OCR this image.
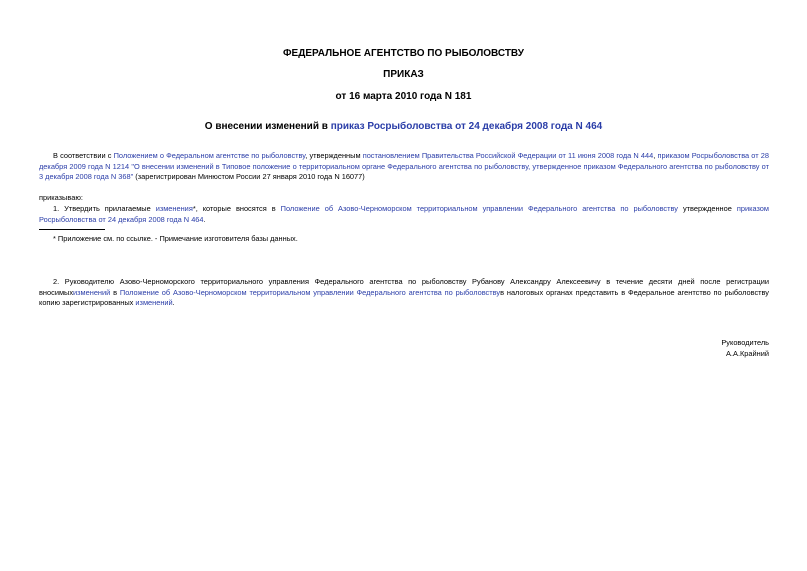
ФЕДЕРАЛЬНОЕ АГЕНТСТВО ПО РЫБОЛОВСТВУ
ПРИКАЗ
от 16 марта 2010 года N 181
О внесении изменений в приказ Росрыболовства от 24 декабря 2008 года N 464
В соответствии с Положением о Федеральном агентстве по рыболовству, утвержденным постановлением Правительства Российской Федерации от 11 июня 2008 года N 444, приказом Росрыболовства от 28 декабря 2009 года N 1214 "О внесении изменений в Типовое положение о территориальном органе Федерального агентства по рыболовству, утвержденное приказом Федерального агентства по рыболовству от 3 декабря 2008 года N 368" (зарегистрирован Минюстом России 27 января 2010 года N 16077)
приказываю:
1. Утвердить прилагаемые изменения*, которые вносятся в Положение об Азово-Черноморском территориальном управлении Федерального агентства по рыболовству утвержденное приказом Росрыболовства от 24 декабря 2008 года N 464.
* Приложение см. по ссылке. - Примечание изготовителя базы данных.
2. Руководителю Азово-Черноморского территориального управления Федерального агентства по рыболовству Рубанову Александру Алексеевичу в течение десяти дней после регистрации вносимыхизменений в Положение об Азово-Черноморском территориальном управлении Федерального агентства по рыболовствув налоговых органах представить в Федеральное агентство по рыболовству копию зарегистрированных изменений.
Руководитель
А.А.Крайний
